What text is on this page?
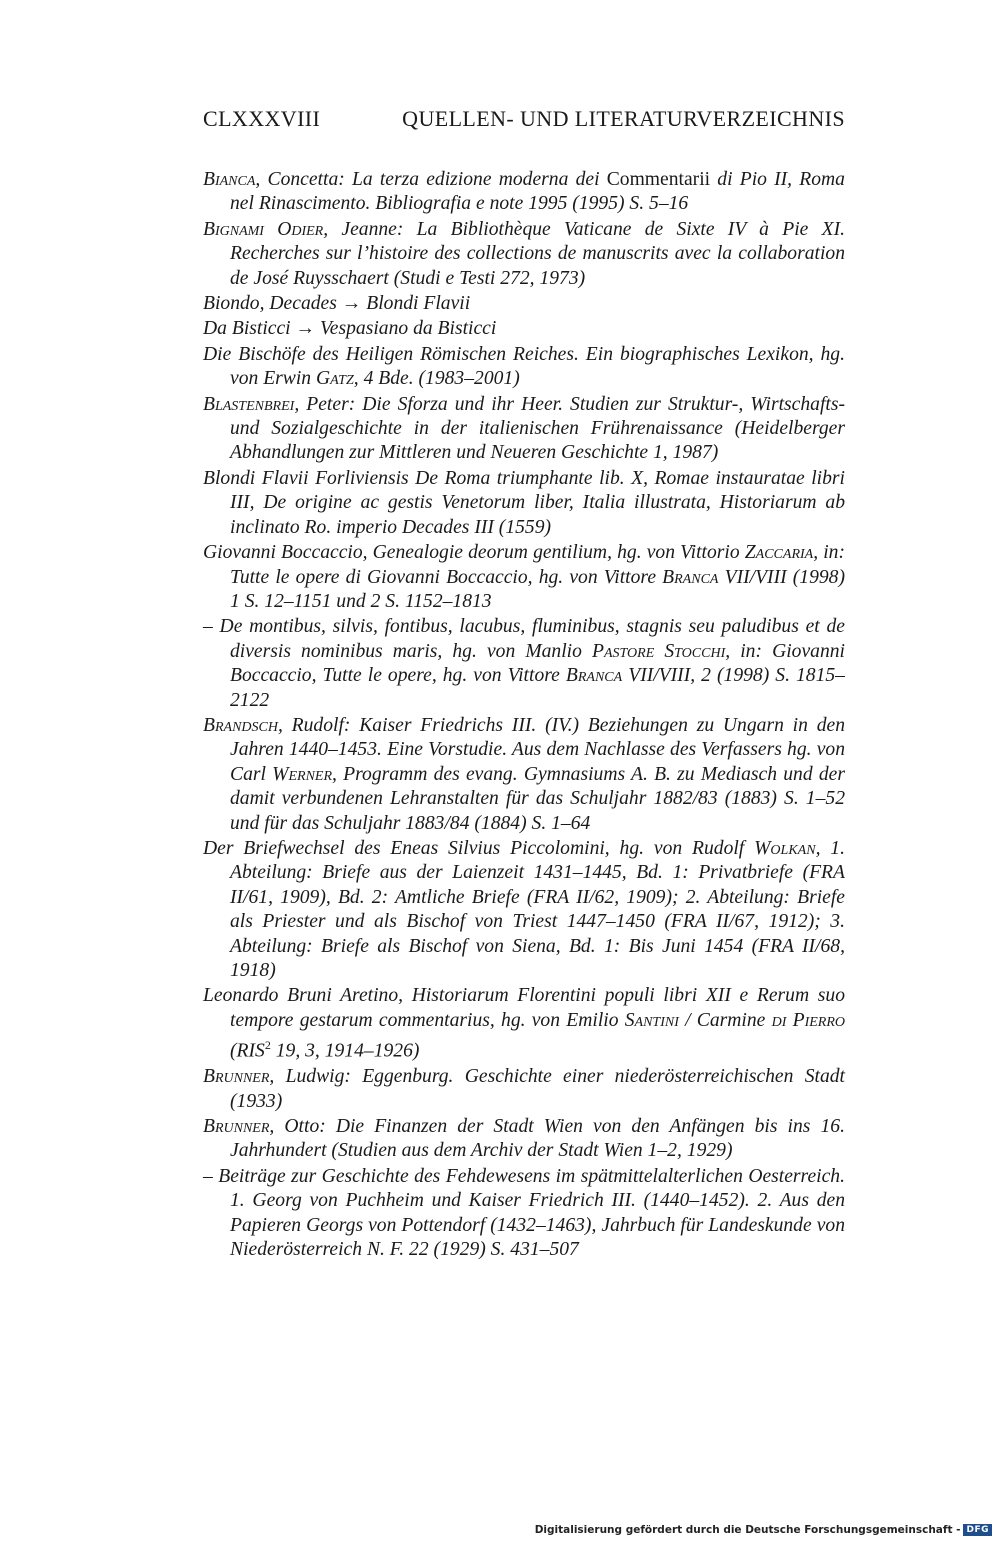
CLXXXVIII	QUELLEN- UND LITERATURVERZEICHNIS

Bianca, Concetta: La terza edizione moderna dei Commentarii di Pio II, Roma nel Rinascimento. Bibliografia e note 1995 (1995) S. 5–16

Bignami Odier, Jeanne: La Bibliothèque Vaticane de Sixte IV à Pie XI. Recherches sur l’histoire des collections de manuscrits avec la collaboration de José Ruysschaert (Studi e Testi 272, 1973)

Biondo, Decades → Blondi Flavii

Da Bisticci → Vespasiano da Bisticci

Die Bischöfe des Heiligen Römischen Reiches. Ein biographisches Lexikon, hg. von Erwin Gatz, 4 Bde. (1983–2001)

Blastenbrei, Peter: Die Sforza und ihr Heer. Studien zur Struktur-, Wirtschafts- und Sozialgeschichte in der italienischen Frührenaissance (Heidelberger Abhandlungen zur Mittleren und Neueren Geschichte 1, 1987)

Blondi Flavii Forliviensis De Roma triumphante lib. X, Romae instauratae libri III, De origine ac gestis Venetorum liber, Italia illustrata, Historiarum ab inclinato Ro. imperio Decades III (1559)

Giovanni Boccaccio, Genealogie deorum gentilium, hg. von Vittorio Zaccaria, in: Tutte le opere di Giovanni Boccaccio, hg. von Vittore Branca VII/VIII (1998) 1 S. 12–1151 und 2 S. 1152–1813

– De montibus, silvis, fontibus, lacubus, fluminibus, stagnis seu paludibus et de diversis nominibus maris, hg. von Manlio Pastore Stocchi, in: Giovanni Boccaccio, Tutte le opere, hg. von Vittore Branca VII/VIII, 2 (1998) S. 1815–2122

Brandsch, Rudolf: Kaiser Friedrichs III. (IV.) Beziehungen zu Ungarn in den Jahren 1440–1453. Eine Vorstudie. Aus dem Nachlasse des Verfassers hg. von Carl Werner, Programm des evang. Gymnasiums A. B. zu Mediasch und der damit verbundenen Lehranstalten für das Schuljahr 1882/83 (1883) S. 1–52 und für das Schuljahr 1883/84 (1884) S. 1–64

Der Briefwechsel des Eneas Silvius Piccolomini, hg. von Rudolf Wolkan, 1. Abteilung: Briefe aus der Laienzeit 1431–1445, Bd. 1: Privatbriefe (FRA II/61, 1909), Bd. 2: Amtliche Briefe (FRA II/62, 1909); 2. Abteilung: Briefe als Priester und als Bischof von Triest 1447–1450 (FRA II/67, 1912); 3. Abteilung: Briefe als Bischof von Siena, Bd. 1: Bis Juni 1454 (FRA II/68, 1918)

Leonardo Bruni Aretino, Historiarum Florentini populi libri XII e Rerum suo tempore gestarum commentarius, hg. von Emilio Santini / Carmine di Pierro (RIS$^2$ 19, 3, 1914–1926)

Brunner, Ludwig: Eggenburg. Geschichte einer niederösterreichischen Stadt (1933)

Brunner, Otto: Die Finanzen der Stadt Wien von den Anfängen bis ins 16. Jahrhundert (Studien aus dem Archiv der Stadt Wien 1–2, 1929)

– Beiträge zur Geschichte des Fehdewesens im spätmittelalterlichen Oesterreich. 1. Georg von Puchheim und Kaiser Friedrich III. (1440–1452). 2. Aus den Papieren Georgs von Pottendorf (1432–1463), Jahrbuch für Landeskunde von Niederösterreich N. F. 22 (1929) S. 431–507

Digitalisierung gefördert durch die Deutsche Forschungsgemeinschaft - DFG
